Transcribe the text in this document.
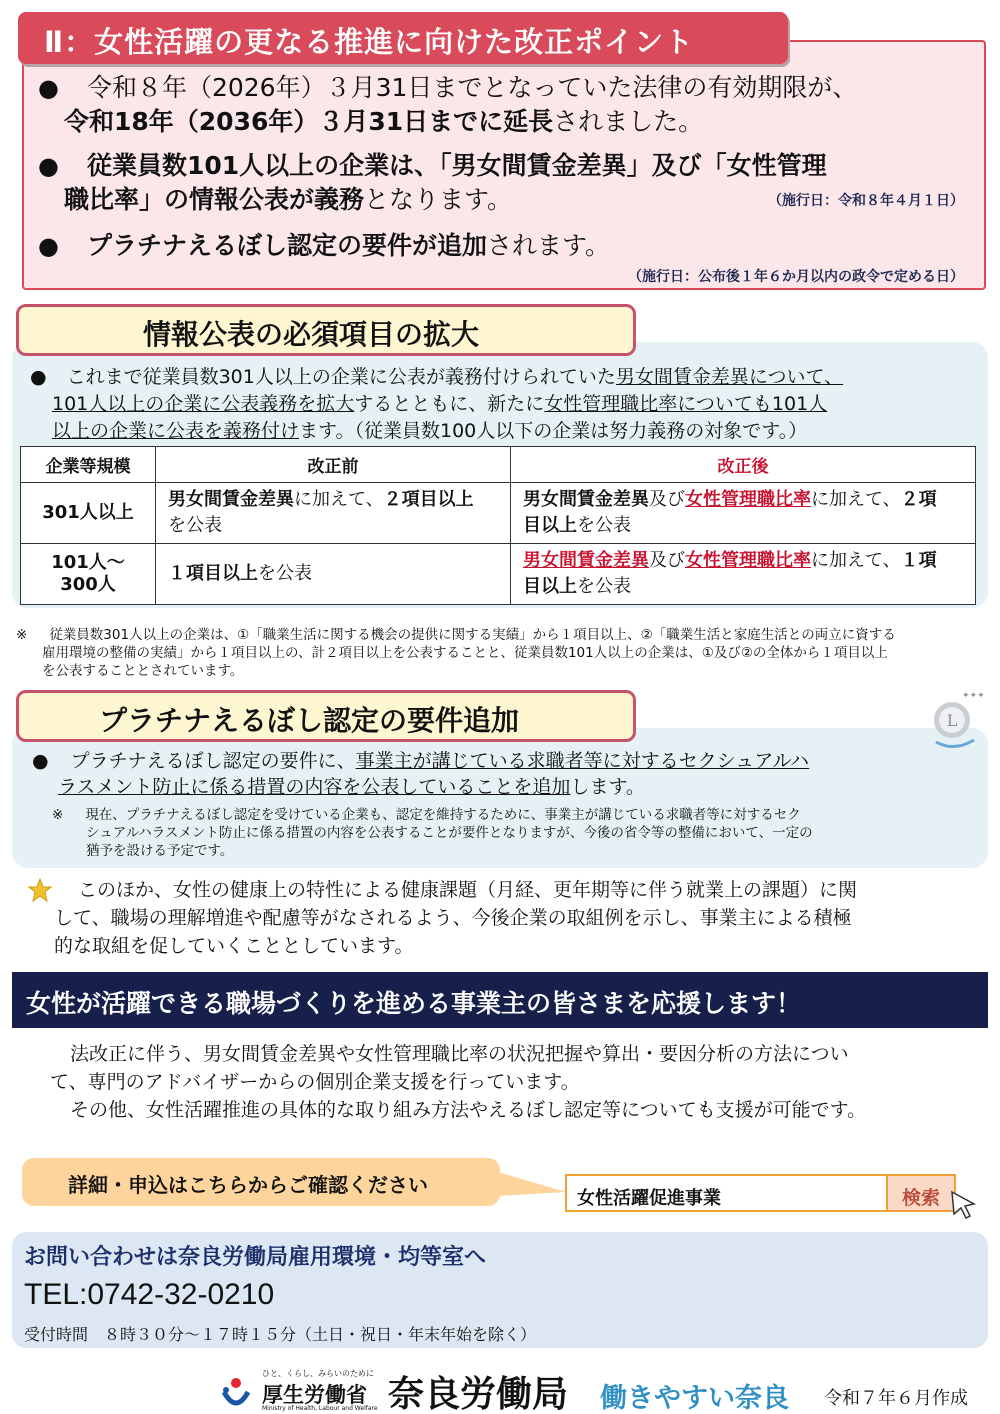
Ⅱ：女性活躍の更なる推進に向けた改正ポイント
● 令和８年（2026年）３月31日までとなっていた法律の有効期限が、
令和18年（2036年）３月31日までに延長されました。
● 従業員数101人以上の企業は、「男女間賃金差異」及び「女性管理
職比率」の情報公表が義務となります。	（施行日：令和８年４月１日）
● プラチナえるぼし認定の要件が追加されます。
（施行日：公布後１年６か月以内の政令で定める日）
情報公表の必須項目の拡大
● これまで従業員数301人以上の企業に公表が義務付けられていた男女間賃金差異について、
101人以上の企業に公表義務を拡大するとともに、新たに女性管理職比率についても101人
以上の企業に公表を義務付けます。（従業員数100人以下の企業は努力義務の対象です。）
企業等規模	改正前	改正後
301人以上	男女間賃金差異に加えて、２項目以上
を公表	男女間賃金差異及び女性管理職比率に加えて、２項
目以上を公表
101人～
300人	１項目以上を公表	男女間賃金差異及び女性管理職比率に加えて、１項
目以上を公表
※ 従業員数301人以上の企業は、①「職業生活に関する機会の提供に関する実績」から１項目以上、②「職業生活と家庭生活との両立に資する
雇用環境の整備の実績」から１項目以上の、計２項目以上を公表することと、従業員数101人以上の企業は、①及び②の全体から１項目以上
を公表することとされています。
プラチナえるぼし認定の要件追加	L
✦✦✦
● プラチナえるぼし認定の要件に、事業主が講じている求職者等に対するセクシュアルハ
ラスメント防止に係る措置の内容を公表していることを追加します。
※ 現在、プラチナえるぼし認定を受けている企業も、認定を維持するために、事業主が講じている求職者等に対するセク
シュアルハラスメント防止に係る措置の内容を公表することが要件となりますが、今後の省令等の整備において、一定の
猶予を設ける予定です。
このほか、女性の健康上の特性による健康課題（月経、更年期等に伴う就業上の課題）に関
して、職場の理解増進や配慮等がなされるよう、今後企業の取組例を示し、事業主による積極
的な取組を促していくこととしています。
女性が活躍できる職場づくりを進める事業主の皆さまを応援します！
法改正に伴う、男女間賃金差異や女性管理職比率の状況把握や算出・要因分析の方法につい
て、専門のアドバイザーからの個別企業支援を行っています。
その他、女性活躍推進の具体的な取り組み方法やえるぼし認定等についても支援が可能です。
詳細・申込はこちらからご確認ください
女性活躍促進事業	検索
お問い合わせは奈良労働局雇用環境・均等室へ
TEL:0742-32-0210
受付時間　８時３０分～１７時１５分（土日・祝日・年末年始を除く）
ひと、くらし、みらいのために
厚生労働省
Ministry of Health, Labour and Welfare 奈良労働局 働きやすい奈良 令和７年６月作成
